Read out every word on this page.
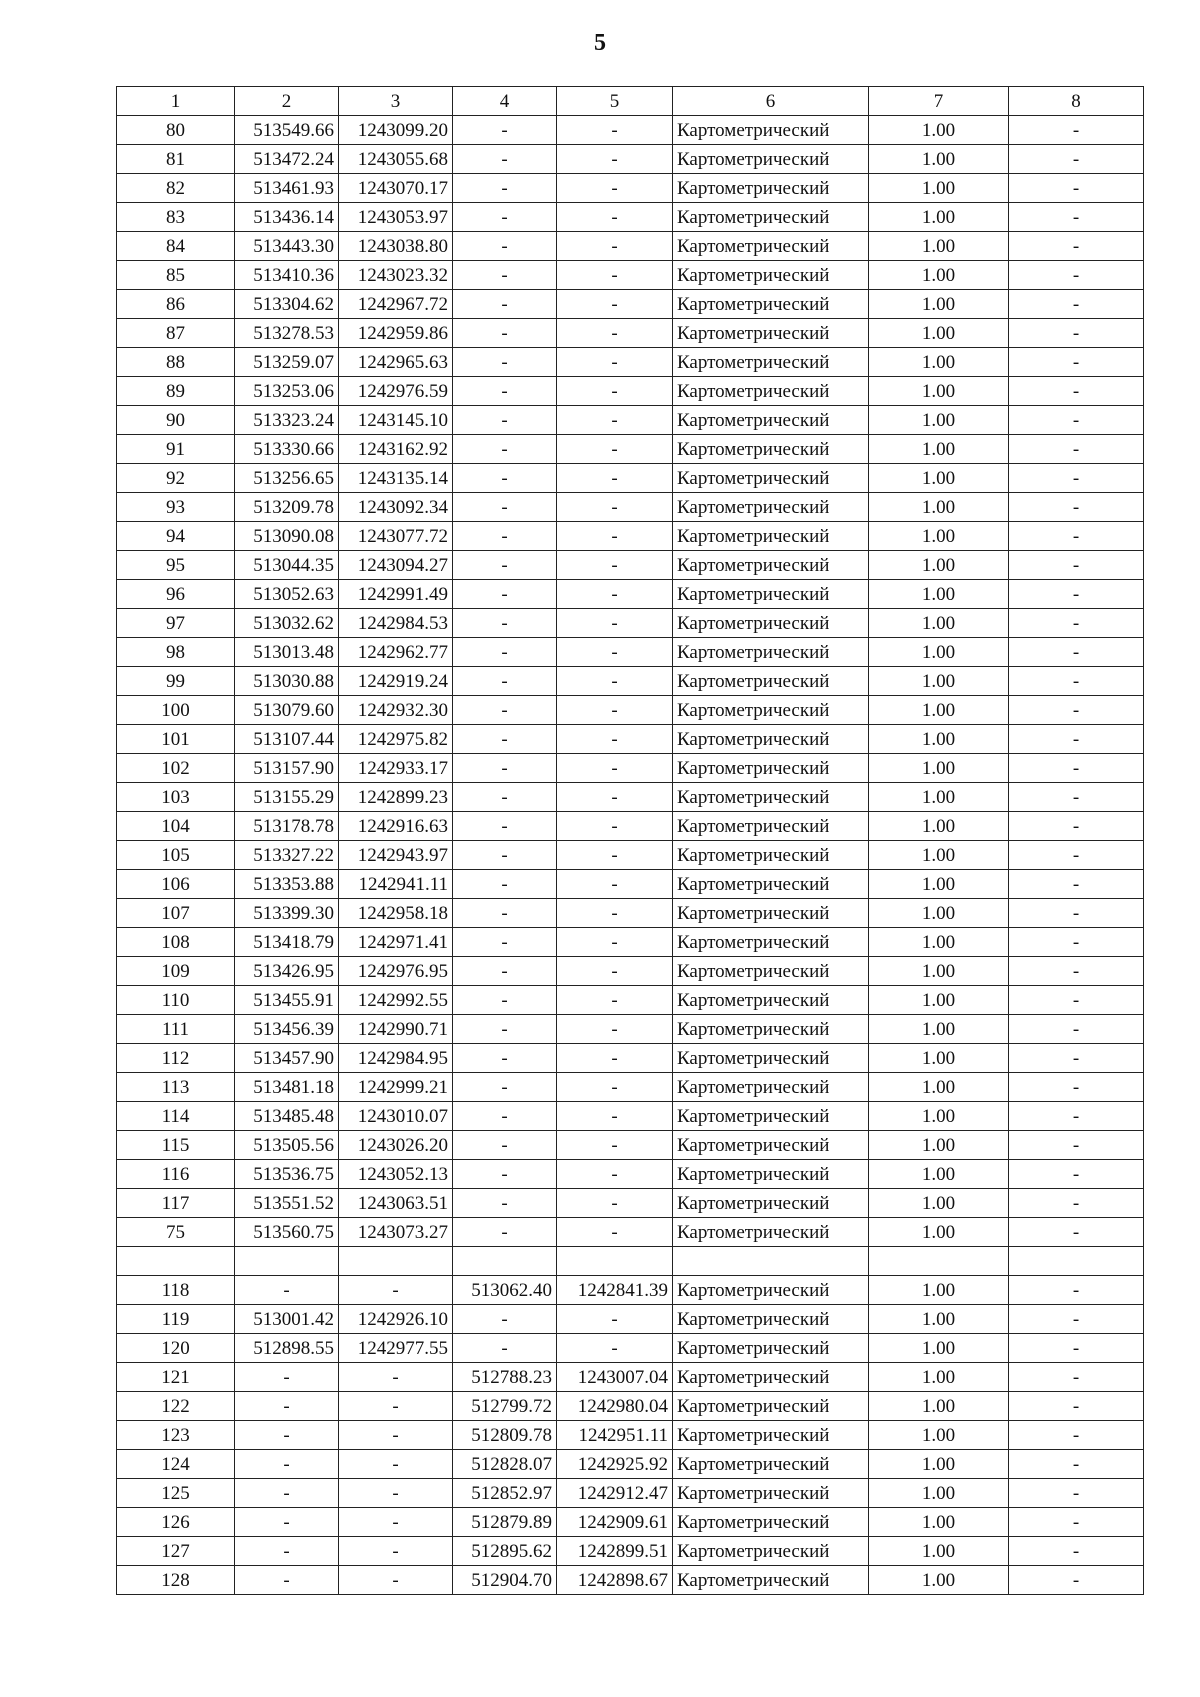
5
1	2	3	4	5	6	7	8
80	513549.66	1243099.20	-	-	Картометрический	1.00	-
81	513472.24	1243055.68	-	-	Картометрический	1.00	-
82	513461.93	1243070.17	-	-	Картометрический	1.00	-
83	513436.14	1243053.97	-	-	Картометрический	1.00	-
84	513443.30	1243038.80	-	-	Картометрический	1.00	-
85	513410.36	1243023.32	-	-	Картометрический	1.00	-
86	513304.62	1242967.72	-	-	Картометрический	1.00	-
87	513278.53	1242959.86	-	-	Картометрический	1.00	-
88	513259.07	1242965.63	-	-	Картометрический	1.00	-
89	513253.06	1242976.59	-	-	Картометрический	1.00	-
90	513323.24	1243145.10	-	-	Картометрический	1.00	-
91	513330.66	1243162.92	-	-	Картометрический	1.00	-
92	513256.65	1243135.14	-	-	Картометрический	1.00	-
93	513209.78	1243092.34	-	-	Картометрический	1.00	-
94	513090.08	1243077.72	-	-	Картометрический	1.00	-
95	513044.35	1243094.27	-	-	Картометрический	1.00	-
96	513052.63	1242991.49	-	-	Картометрический	1.00	-
97	513032.62	1242984.53	-	-	Картометрический	1.00	-
98	513013.48	1242962.77	-	-	Картометрический	1.00	-
99	513030.88	1242919.24	-	-	Картометрический	1.00	-
100	513079.60	1242932.30	-	-	Картометрический	1.00	-
101	513107.44	1242975.82	-	-	Картометрический	1.00	-
102	513157.90	1242933.17	-	-	Картометрический	1.00	-
103	513155.29	1242899.23	-	-	Картометрический	1.00	-
104	513178.78	1242916.63	-	-	Картометрический	1.00	-
105	513327.22	1242943.97	-	-	Картометрический	1.00	-
106	513353.88	1242941.11	-	-	Картометрический	1.00	-
107	513399.30	1242958.18	-	-	Картометрический	1.00	-
108	513418.79	1242971.41	-	-	Картометрический	1.00	-
109	513426.95	1242976.95	-	-	Картометрический	1.00	-
110	513455.91	1242992.55	-	-	Картометрический	1.00	-
111	513456.39	1242990.71	-	-	Картометрический	1.00	-
112	513457.90	1242984.95	-	-	Картометрический	1.00	-
113	513481.18	1242999.21	-	-	Картометрический	1.00	-
114	513485.48	1243010.07	-	-	Картометрический	1.00	-
115	513505.56	1243026.20	-	-	Картометрический	1.00	-
116	513536.75	1243052.13	-	-	Картометрический	1.00	-
117	513551.52	1243063.51	-	-	Картометрический	1.00	-
75	513560.75	1243073.27	-	-	Картометрический	1.00	-

118	-	-	513062.40	1242841.39	Картометрический	1.00	-
119	513001.42	1242926.10	-	-	Картометрический	1.00	-
120	512898.55	1242977.55	-	-	Картометрический	1.00	-
121	-	-	512788.23	1243007.04	Картометрический	1.00	-
122	-	-	512799.72	1242980.04	Картометрический	1.00	-
123	-	-	512809.78	1242951.11	Картометрический	1.00	-
124	-	-	512828.07	1242925.92	Картометрический	1.00	-
125	-	-	512852.97	1242912.47	Картометрический	1.00	-
126	-	-	512879.89	1242909.61	Картометрический	1.00	-
127	-	-	512895.62	1242899.51	Картометрический	1.00	-
128	-	-	512904.70	1242898.67	Картометрический	1.00	-
